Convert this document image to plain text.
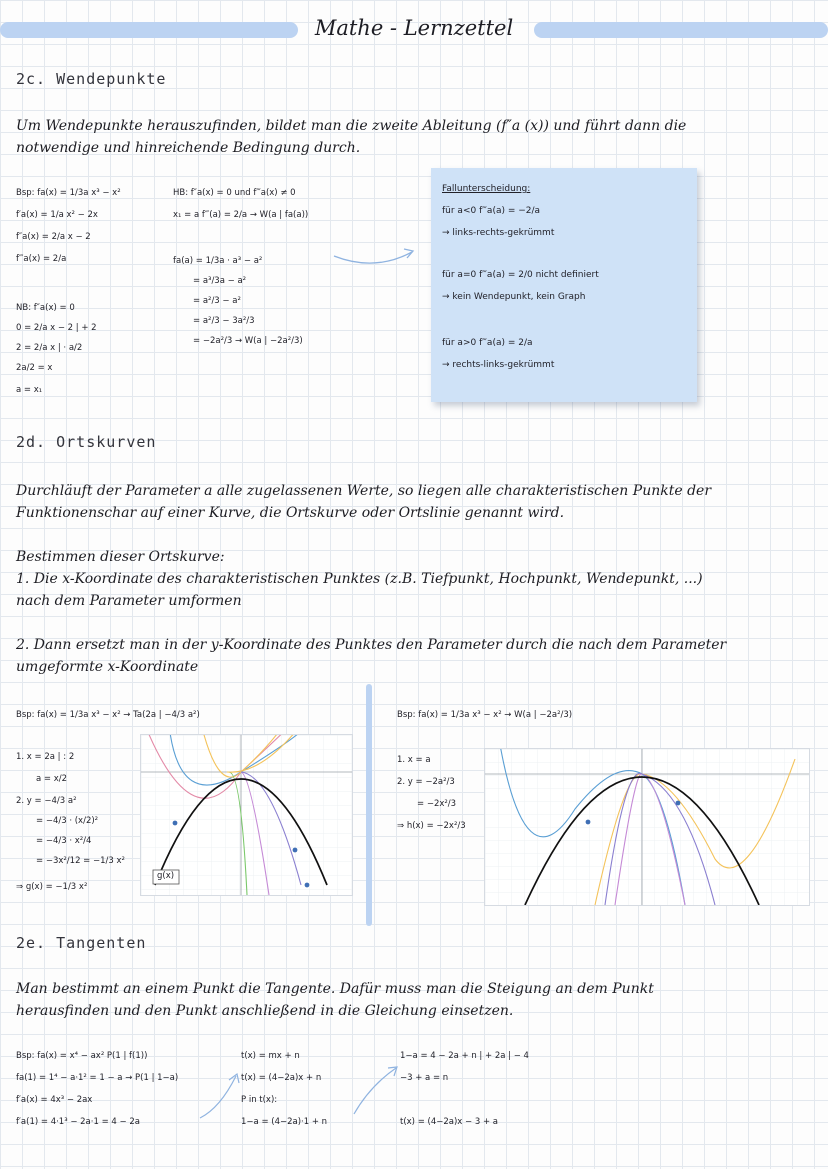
Mathe - Lernzettel
2c. Wendepunkte
Um Wendepunkte herauszufinden, bildet man die zweite Ableitung (f″a (x)) und führt dann die
notwendige und hinreichende Bedingung durch.
Bsp: fa(x) = 1/3a x³ − x²
f′a(x) = 1/a x² − 2x
f″a(x) = 2/a x − 2
f‴a(x) = 2/a
NB: f″a(x) = 0
0 = 2/a x − 2 | + 2
2 = 2/a x | · a/2
2a/2 = x
a = x₁
HB: f″a(x) = 0 und f‴a(x) ≠ 0
x₁ = a f‴(a) = 2/a → W(a | fa(a))
fa(a) = 1/3a · a³ − a²
= a³/3a − a²
= a²/3 − a²
= a²/3 − 3a²/3
= −2a²/3 → W(a | −2a²/3)
Fallunterscheidung:
für a<0 f‴a(a) = −2/a
→ links-rechts-gekrümmt
für a=0 f‴a(a) = 2/0 nicht definiert
→ kein Wendepunkt, kein Graph
für a>0 f‴a(a) = 2/a
→ rechts-links-gekrümmt
2d. Ortskurven
Durchläuft der Parameter a alle zugelassenen Werte, so liegen alle charakteristischen Punkte der
Funktionenschar auf einer Kurve, die Ortskurve oder Ortslinie genannt wird.
Bestimmen dieser Ortskurve:
1. Die x-Koordinate des charakteristischen Punktes (z.B. Tiefpunkt, Hochpunkt, Wendepunkt, ...)
nach dem Parameter umformen
2. Dann ersetzt man in der y-Koordinate des Punktes den Parameter durch die nach dem Parameter
umgeformte x-Koordinate
Bsp: fa(x) = 1/3a x³ − x² → Ta(2a | −4/3 a²)
1. x = 2a | : 2
a = x/2
2. y = −4/3 a²
= −4/3 · (x/2)²
= −4/3 · x²/4
= −3x²/12 = −1/3 x²
⇒ g(x) = −1/3 x²
g(x)
Bsp: fa(x) = 1/3a x³ − x² → W(a | −2a²/3)
1. x = a
2. y = −2a²/3
= −2x²/3
⇒ h(x) = −2x²/3
2e. Tangenten
Man bestimmt an einem Punkt die Tangente. Dafür muss man die Steigung an dem Punkt
herausfinden und den Punkt anschließend in die Gleichung einsetzen.
Bsp: fa(x) = x⁴ − ax² P(1 | f(1))
fa(1) = 1⁴ − a·1² = 1 − a → P(1 | 1−a)
f′a(x) = 4x³ − 2ax
f′a(1) = 4·1³ − 2a·1 = 4 − 2a
t(x) = mx + n
t(x) = (4−2a)x + n
P in t(x):
1−a = (4−2a)·1 + n
1−a = 4 − 2a + n | + 2a | − 4
−3 + a = n
t(x) = (4−2a)x − 3 + a
